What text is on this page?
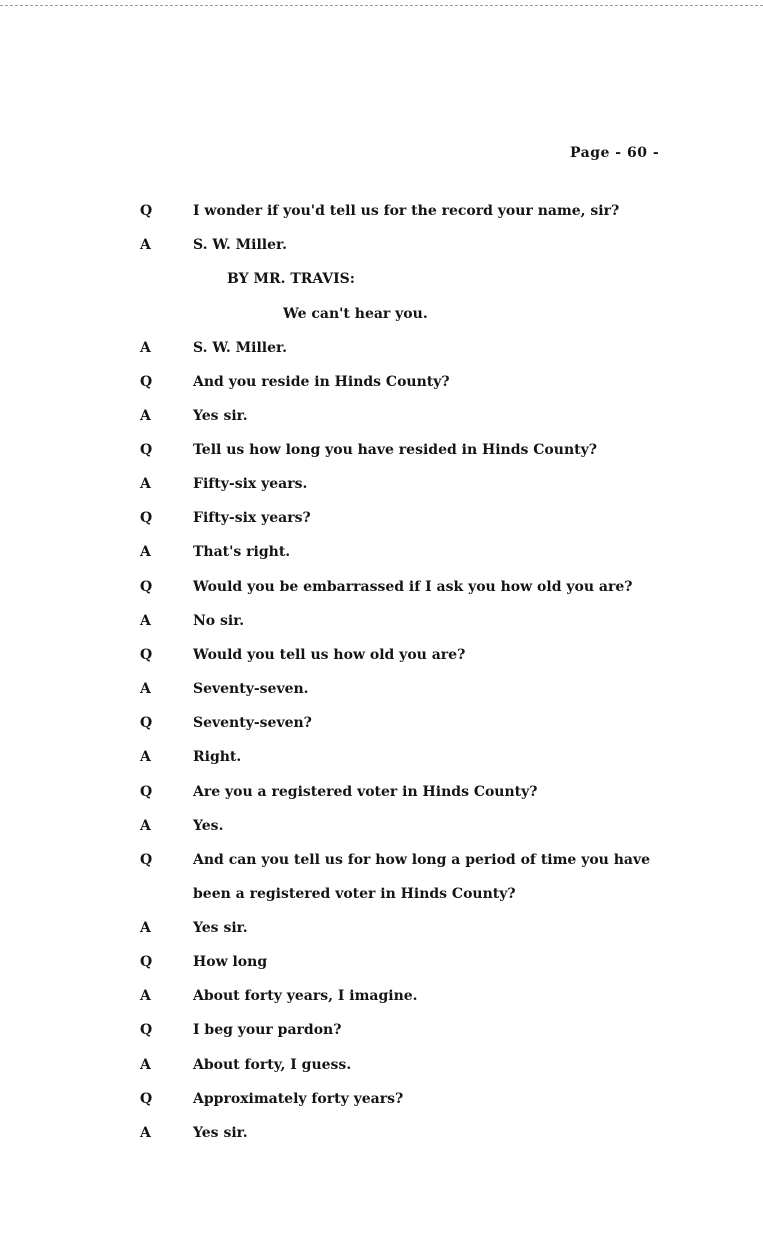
Page - 60 -
Q	I wonder if you'd tell us for the record your name, sir?
A	S. W. Miller.
BY MR. TRAVIS:
We can't hear you.
A	S. W. Miller.
Q	And you reside in Hinds County?
A	Yes sir.
Q	Tell us how long you have resided in Hinds County?
A	Fifty-six years.
Q	Fifty-six years?
A	That's right.
Q	Would you be embarrassed if I ask you how old you are?
A	No sir.
Q	Would you tell us how old you are?
A	Seventy-seven.
Q	Seventy-seven?
A	Right.
Q	Are you a registered voter in Hinds County?
A	Yes.
Q	And can you tell us for how long a period of time you have
been a registered voter in Hinds County?
A	Yes sir.
Q	How long
A	About forty years, I imagine.
Q	I beg your pardon?
A	About forty, I guess.
Q	Approximately forty years?
A	Yes sir.
